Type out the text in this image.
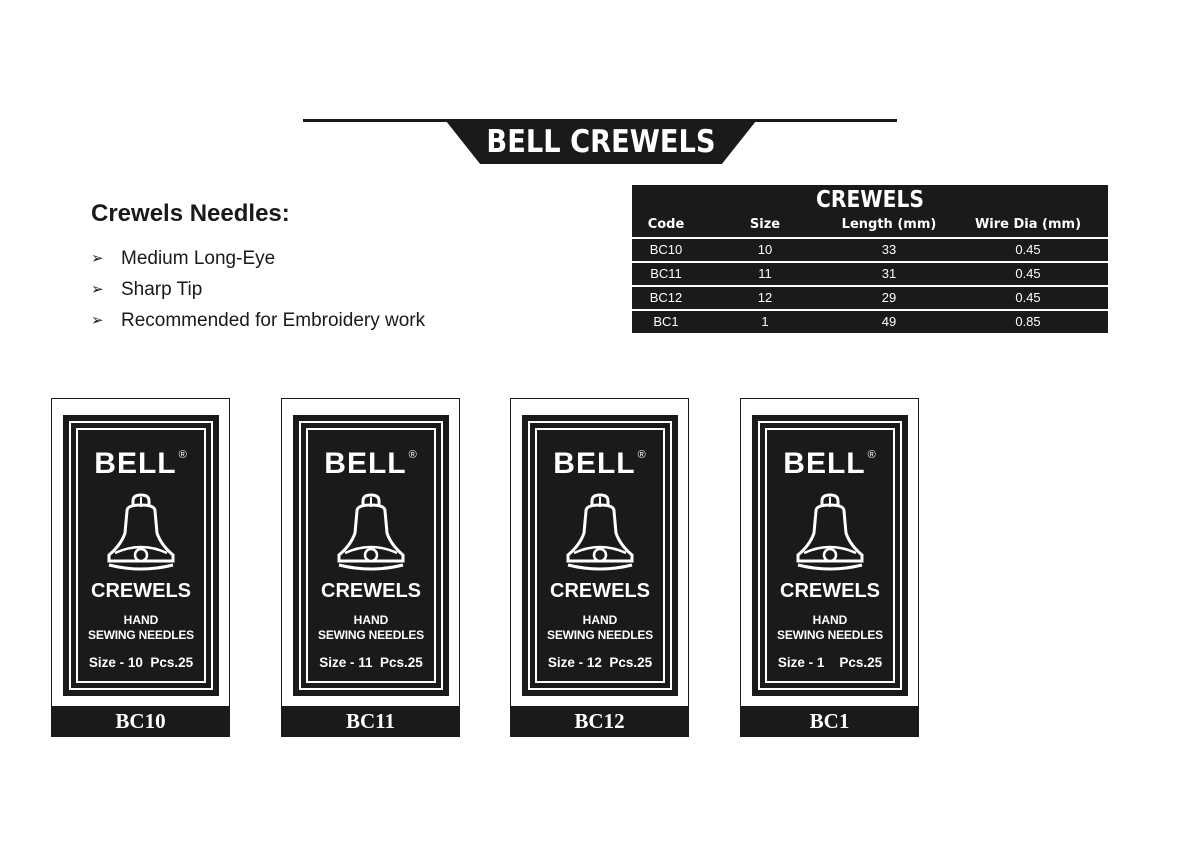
BELL CREWELS
Crewels Needles:
➢ Medium Long-Eye
➢ Sharp Tip
➢ Recommended for Embroidery work
CREWELS
Code	Size	Length (mm)	Wire Dia (mm)
BC10	10	33	0.45
BC11	11	31	0.45
BC12	12	29	0.45
BC1	1	49	0.85
BELL ®
CREWELS
HAND
SEWING NEEDLES
Size - 10  Pcs.25
BC10
BELL ®
CREWELS
HAND
SEWING NEEDLES
Size - 11  Pcs.25
BC11
BELL ®
CREWELS
HAND
SEWING NEEDLES
Size - 12  Pcs.25
BC12
BELL ®
CREWELS
HAND
SEWING NEEDLES
Size - 1    Pcs.25
BC1
